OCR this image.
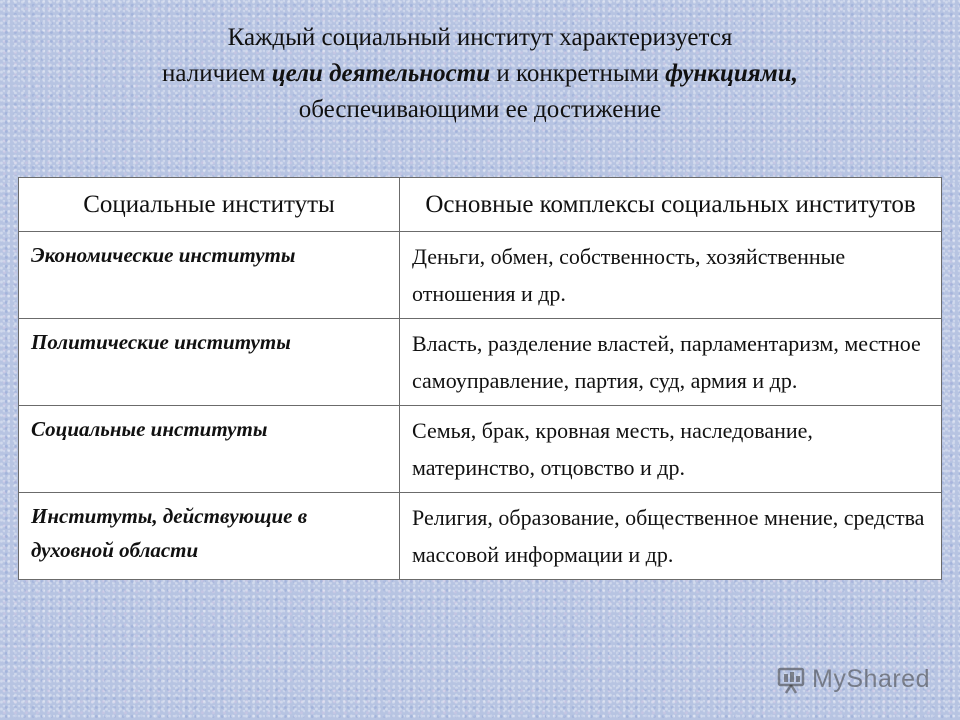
Каждый социальный институт характеризуется
наличием цели деятельности и конкретными функциями,
обеспечивающими ее достижение
Социальные институты	Основные комплексы социальных институтов
Экономические институты	Деньги, обмен, собственность, хозяйственные отношения и др.
Политические институты	Власть, разделение властей, парламентаризм, местное самоуправление, партия, суд, армия и др.
Социальные институты	Семья, брак, кровная месть, наследование, материнство, отцовство и др.
Институты, действующие в духовной области	Религия, образование, общественное мнение, средства массовой информации и др.
MyShared
